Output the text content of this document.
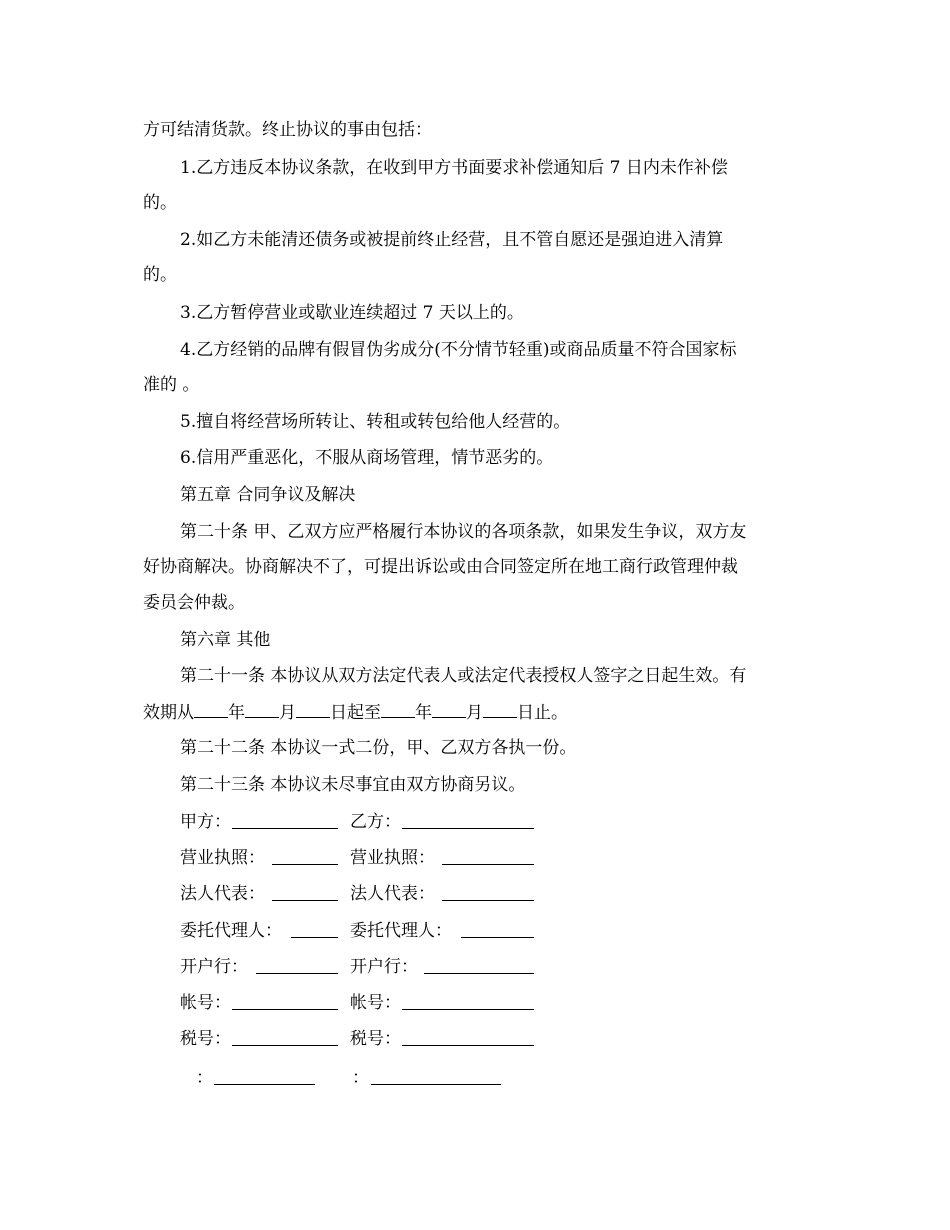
方可结清货款。终止协议的事由包括：
1.乙方违反本协议条款，在收到甲方书面要求补偿通知后 7 日内未作补偿
的。
2.如乙方未能清还债务或被提前终止经营，且不管自愿还是强迫进入清算
的。
3.乙方暂停营业或歇业连续超过 7 天以上的。
4.乙方经销的品牌有假冒伪劣成分(不分情节轻重)或商品质量不符合国家标
准的 。
5.擅自将经营场所转让、转租或转包给他人经营的。
6.信用严重恶化，不服从商场管理，情节恶劣的。
第五章 合同争议及解决
第二十条 甲、乙双方应严格履行本协议的各项条款，如果发生争议，双方友
好协商解决。协商解决不了，可提出诉讼或由合同签定所在地工商行政管理仲裁
委员会仲裁。
第六章 其他
第二十一条 本协议从双方法定代表人或法定代表授权人签字之日起生效。有
效期从 年 月 日起至 年 月 日止。
第二十二条 本协议一式二份，甲、乙双方各执一份。
第二十三条 本协议未尽事宜由双方协商另议。
甲方：	乙方：
营业执照：	营业执照：
法人代表：	法人代表：
委托代理人：	委托代理人：
开户行：	开户行：
帐号：	帐号：
税号：	税号：
：	：
